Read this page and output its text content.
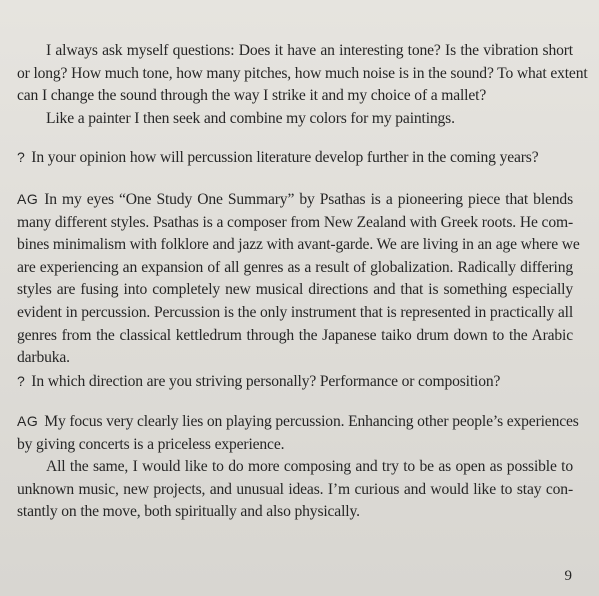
I always ask myself questions: Does it have an interesting tone? Is the vibration short
or long? How much tone, how many pitches, how much noise is in the sound? To what extent
can I change the sound through the way I strike it and my choice of a mallet?
Like a painter I then seek and combine my colors for my paintings.
? In your opinion how will percussion literature develop further in the coming years?
AG In my eyes “One Study One Summary” by Psathas is a pioneering piece that blends
many different styles. Psathas is a composer from New Zealand with Greek roots. He com-
bines minimalism with folklore and jazz with avant-garde. We are living in an age where we
are experiencing an expansion of all genres as a result of globalization. Radically differing
styles are fusing into completely new musical directions and that is something especially
evident in percussion. Percussion is the only instrument that is represented in practically all
genres from the classical kettledrum through the Japanese taiko drum down to the Arabic
darbuka.
? In which direction are you striving personally? Performance or composition?
AG My focus very clearly lies on playing percussion. Enhancing other people’s experiences
by giving concerts is a priceless experience.
All the same, I would like to do more composing and try to be as open as possible to
unknown music, new projects, and unusual ideas. I’m curious and would like to stay con-
stantly on the move, both spiritually and also physically.
9
